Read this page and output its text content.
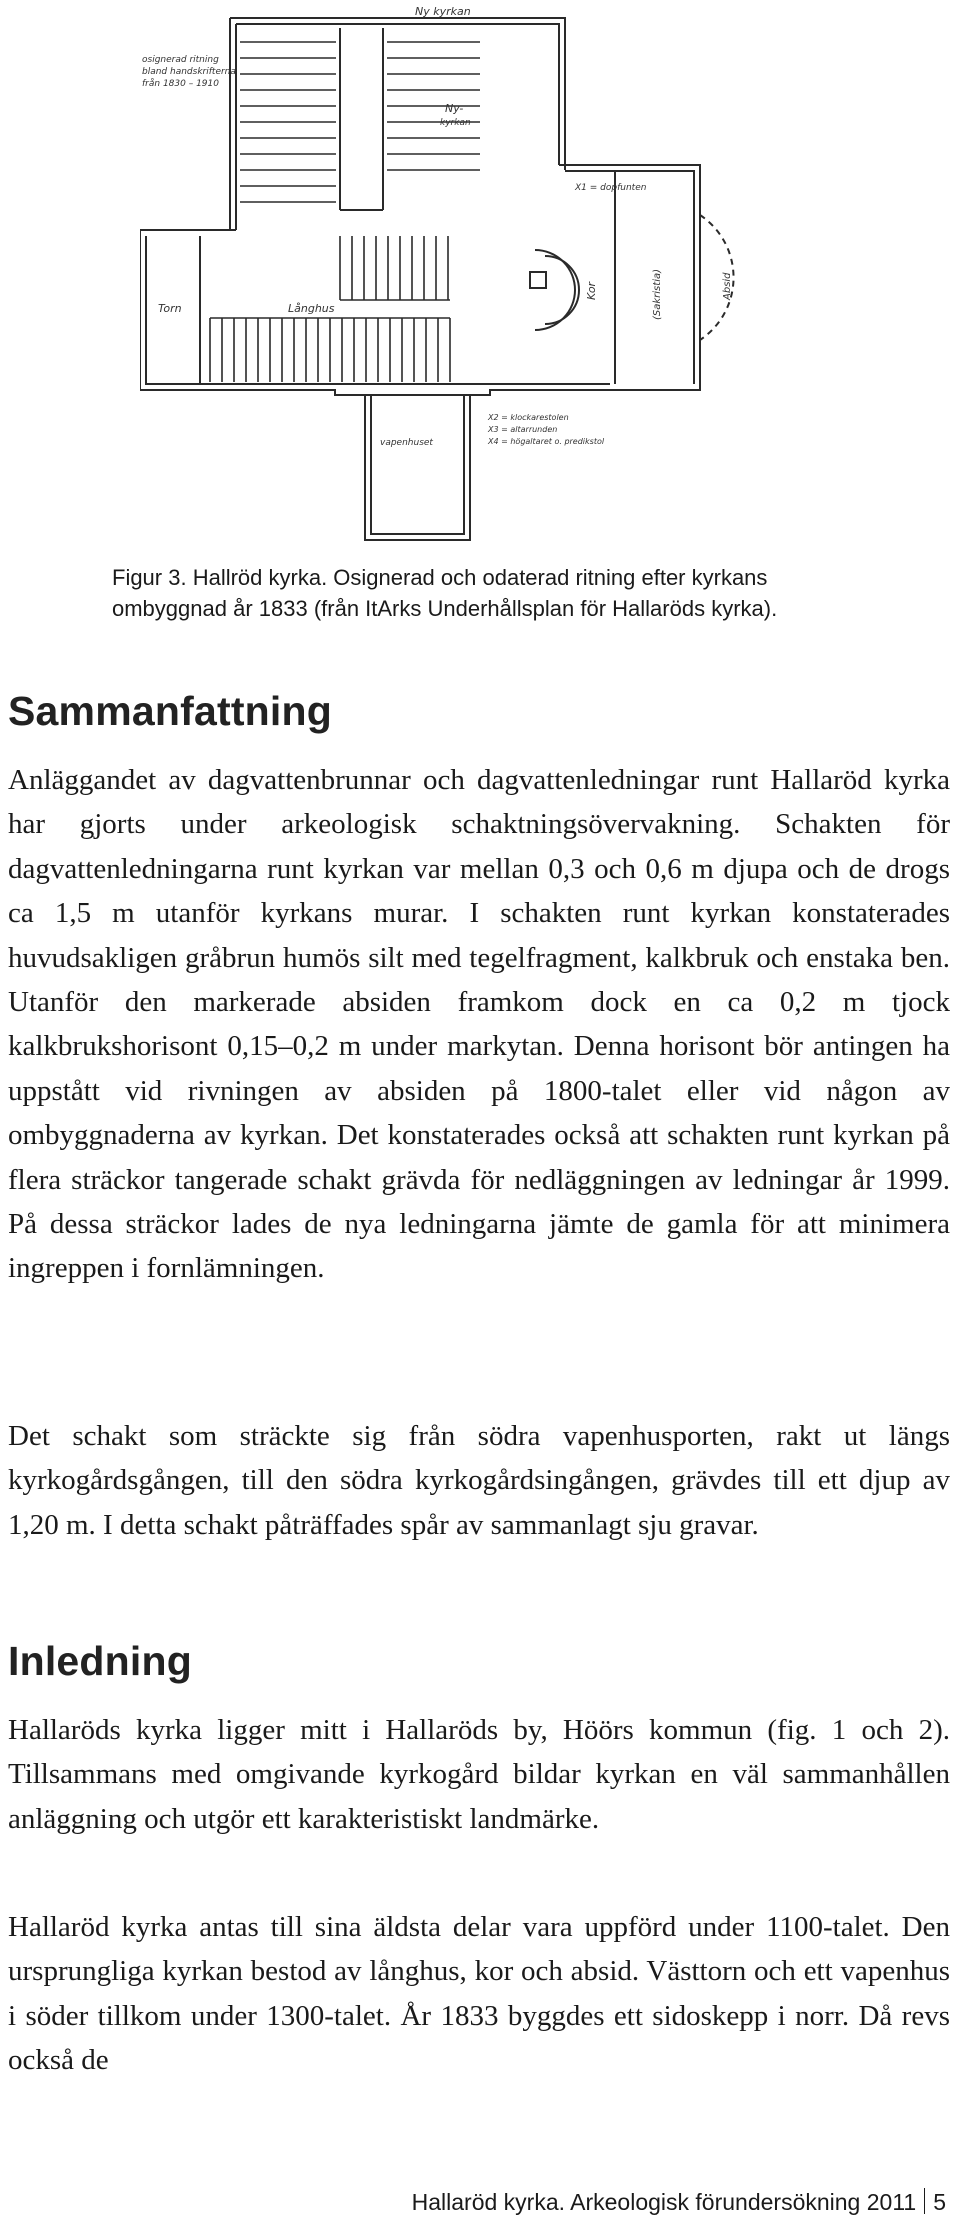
Ny kyrkan
osignerad ritning
bland handskrifterna
från 1830 – 1910
Ny-
kyrkan
X1 = dopfunten
Torn	Långhus
Kor	(Sakristia)	Absid
vapenhuset
X2 = klockarestolen
X3 = altarrunden
X4 = högaltaret o. predikstol
Figur 3. Hallröd kyrka. Osignerad och odaterad ritning efter kyrkans ombyggnad år 1833 (från ItArks Underhållsplan för Hallaröds kyrka).
Sammanfattning

Anläggandet av dagvattenbrunnar och dagvattenledningar runt Hallaröd kyrka har gjorts under arkeologisk schaktningsövervakning. Schakten för dagvattenledningarna runt kyrkan var mellan 0,3 och 0,6 m djupa och de drogs ca 1,5 m utanför kyrkans murar. I schakten runt kyrkan konstaterades huvudsakligen gråbrun humös silt med tegelfragment, kalkbruk och enstaka ben. Utanför den markerade absiden framkom dock en ca 0,2 m tjock kalkbrukshorisont 0,15–0,2 m under markytan. Denna horisont bör antingen ha uppstått vid rivningen av absiden på 1800-talet eller vid någon av ombyggnaderna av kyrkan. Det konstaterades också att schakten runt kyrkan på flera sträckor tangerade schakt grävda för nedläggningen av ledningar år 1999. På dessa sträckor lades de nya ledningarna jämte de gamla för att minimera ingreppen i fornlämningen.

Det schakt som sträckte sig från södra vapenhusporten, rakt ut längs kyrkogårdsgången, till den södra kyrkogårdsingången, grävdes till ett djup av 1,20 m. I detta schakt påträffades spår av sammanlagt sju gravar.

Inledning

Hallaröds kyrka ligger mitt i Hallaröds by, Höörs kommun (fig. 1 och 2). Tillsammans med omgivande kyrkogård bildar kyrkan en väl sammanhållen anläggning och utgör ett karakteristiskt landmärke.

Hallaröd kyrka antas till sina äldsta delar vara uppförd under 1100-talet. Den ursprungliga kyrkan bestod av långhus, kor och absid. Västtorn och ett vapenhus i söder tillkom under 1300-talet. År 1833 byggdes ett sidoskepp i norr. Då revs också de

Hallaröd kyrka. Arkeologisk förundersökning 2011 5
